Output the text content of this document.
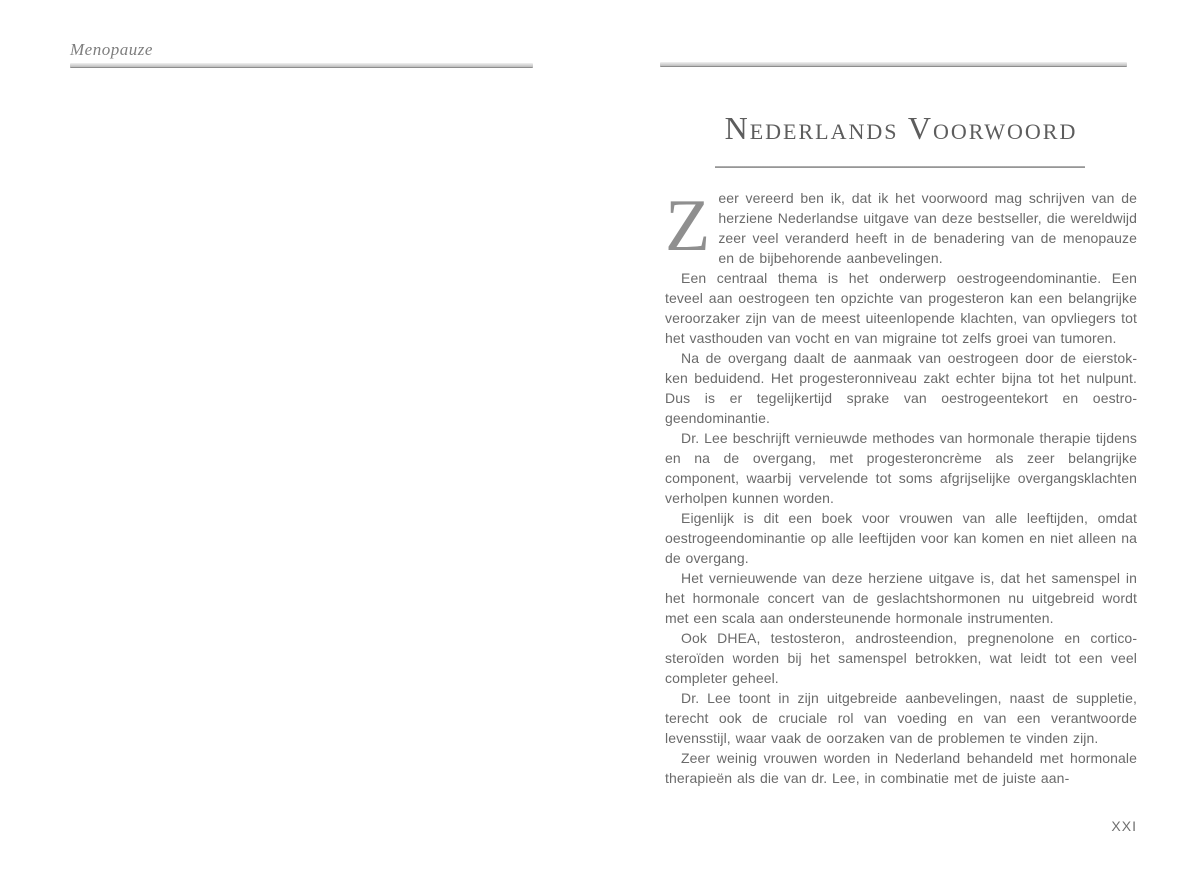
Menopauze
Nederlands Voorwoord

Zeer vereerd ben ik, dat ik het voorwoord mag schrijven van de herziene Nederlandse uitgave van deze bestseller, die wereldwijd zeer veel veranderd heeft in de benadering van de menopauze en de bijbehorende aanbevelingen.

Een centraal thema is het onderwerp oestrogeendominantie. Een teveel aan oestrogeen ten opzichte van progesteron kan een belangrijke veroorzaker zijn van de meest uiteenlopende klachten, van opvliegers tot het vasthouden van vocht en van migraine tot zelfs groei van tumoren.

Na de overgang daalt de aanmaak van oestrogeen door de eierstokken beduidend. Het progesteronniveau zakt echter bijna tot het nulpunt. Dus is er tegelijkertijd sprake van oestrogeentekort en oestrogeendominantie.

Dr. Lee beschrijft vernieuwde methodes van hormonale therapie tijdens en na de overgang, met progesteroncrème als zeer belangrijke component, waarbij vervelende tot soms afgrijselijke overgangsklachten verholpen kunnen worden.

Eigenlijk is dit een boek voor vrouwen van alle leeftijden, omdat oestrogeendominantie op alle leeftijden voor kan komen en niet alleen na de overgang.

Het vernieuwende van deze herziene uitgave is, dat het samenspel in het hormonale concert van de geslachtshormonen nu uitgebreid wordt met een scala aan ondersteunende hormonale instrumenten.

Ook DHEA, testosteron, androsteendion, pregnenolone en corticosteroïden worden bij het samenspel betrokken, wat leidt tot een veel completer geheel.

Dr. Lee toont in zijn uitgebreide aanbevelingen, naast de suppletie, terecht ook de cruciale rol van voeding en van een verantwoorde levensstijl, waar vaak de oorzaken van de problemen te vinden zijn.

Zeer weinig vrouwen worden in Nederland behandeld met hormonale therapieën als die van dr. Lee, in combinatie met de juiste aan-

XXI
